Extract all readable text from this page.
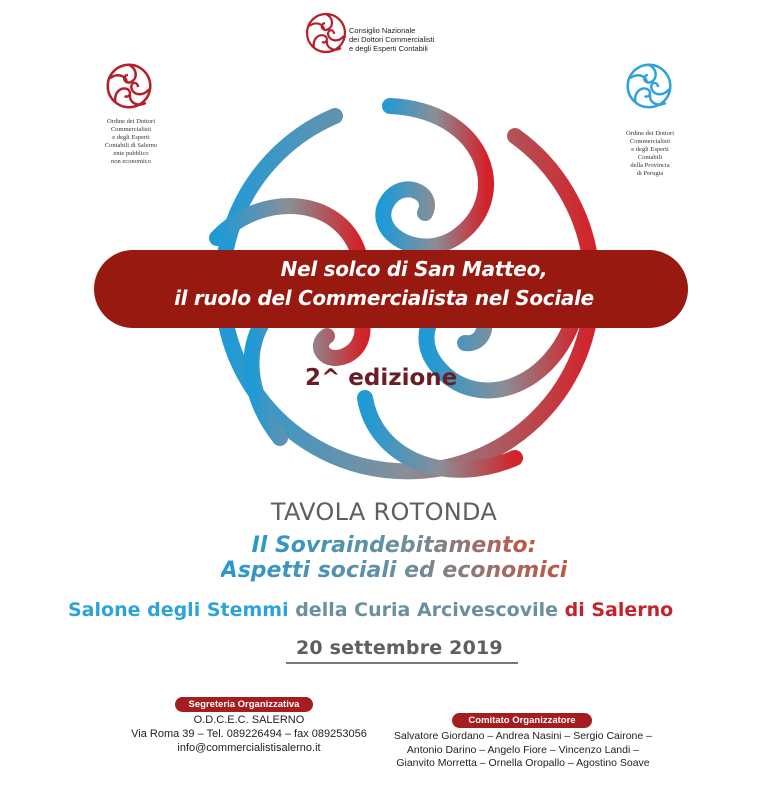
Consiglio Nazionale
dei Dottori Commercialisti
e degli Esperti Contabili
Ordine dei Dottori
Commercialisti
e degli Esperti
Contabili di Salerno
ente pubblico
non economico
Ordine dei Dottori
Commercialisti
e degli Esperti
Contabili
della Provincia
di Perugia
Nel solco di San Matteo,
il ruolo del Commercialista nel Sociale
2^ edizione
TAVOLA ROTONDA
Il Sovraindebitamento:
Aspetti sociali ed economici
Salone degli Stemmi della Curia Arcivescovile di Salerno
20 settembre 2019
Segreteria Organizzativa
O.D.C.E.C. SALERNO
Via Roma 39 – Tel. 089226494 – fax 089253056
info@commercialistisalerno.it
Comitato Organizzatore
Salvatore Giordano – Andrea Nasini – Sergio Cairone –
Antonio Darino – Angelo Fiore – Vincenzo Landi –
Gianvito Morretta – Ornella Oropallo – Agostino Soave
